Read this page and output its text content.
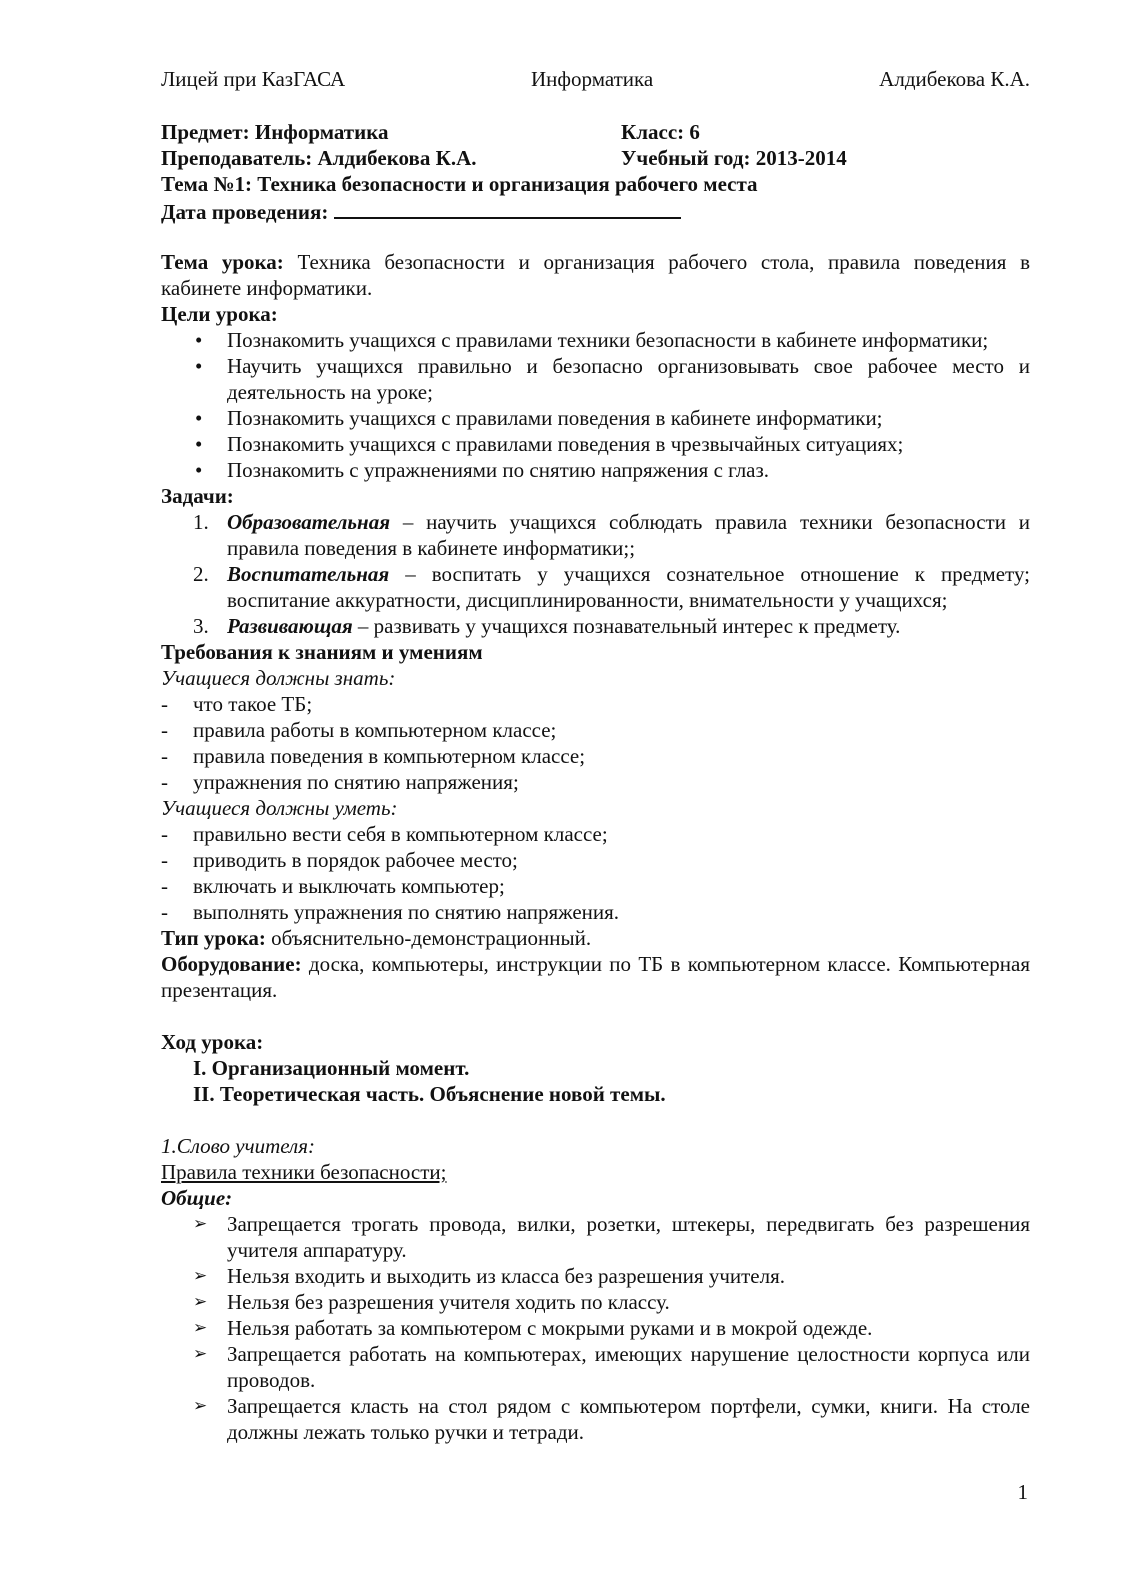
Лицей при КазГАСА	Информатика	Алдибекова К.А.
Предмет: Информатика	Класс: 6
Преподаватель: Алдибекова К.А.	Учебный год: 2013-2014
Тема №1: Техника безопасности и организация рабочего места
Дата проведения:
Тема урока: Техника безопасности и организация рабочего стола, правила поведения в кабинете информатики.
Цели урока:
• Познакомить учащихся с правилами техники безопасности в кабинете информатики;
• Научить учащихся правильно и безопасно организовывать свое рабочее место и деятельность на уроке;
• Познакомить учащихся с правилами поведения в кабинете информатики;
• Познакомить учащихся с правилами поведения в чрезвычайных ситуациях;
• Познакомить с упражнениями по снятию напряжения с глаз.
Задачи:
1. Образовательная – научить учащихся соблюдать правила техники безопасности и правила поведения в кабинете информатики;;
2. Воспитательная – воспитать у учащихся сознательное отношение к предмету; воспитание аккуратности, дисциплинированности, внимательности у учащихся;
3. Развивающая – развивать у учащихся познавательный интерес к предмету.
Требования к знаниям и умениям
Учащиеся должны знать:
- что такое ТБ;
- правила работы в компьютерном классе;
- правила поведения в компьютерном классе;
- упражнения по снятию напряжения;
Учащиеся должны уметь:
- правильно вести себя в компьютерном классе;
- приводить в порядок рабочее место;
- включать и выключать компьютер;
- выполнять упражнения по снятию напряжения.
Тип урока: объяснительно-демонстрационный.
Оборудование: доска, компьютеры, инструкции по ТБ в компьютерном классе. Компьютерная презентация.
Ход урока:
I. Организационный момент.
II. Теоретическая часть. Объяснение новой темы.
1.Слово учителя:
Правила техники безопасности;
Общие:
➢ Запрещается трогать провода, вилки, розетки, штекеры, передвигать без разрешения учителя аппаратуру.
➢ Нельзя входить и выходить из класса без разрешения учителя.
➢ Нельзя без разрешения учителя ходить по классу.
➢ Нельзя работать за компьютером с мокрыми руками и в мокрой одежде.
➢ Запрещается работать на компьютерах, имеющих нарушение целостности корпуса или проводов.
➢ Запрещается класть на стол рядом с компьютером портфели, сумки, книги. На столе должны лежать только ручки и тетради.
1
